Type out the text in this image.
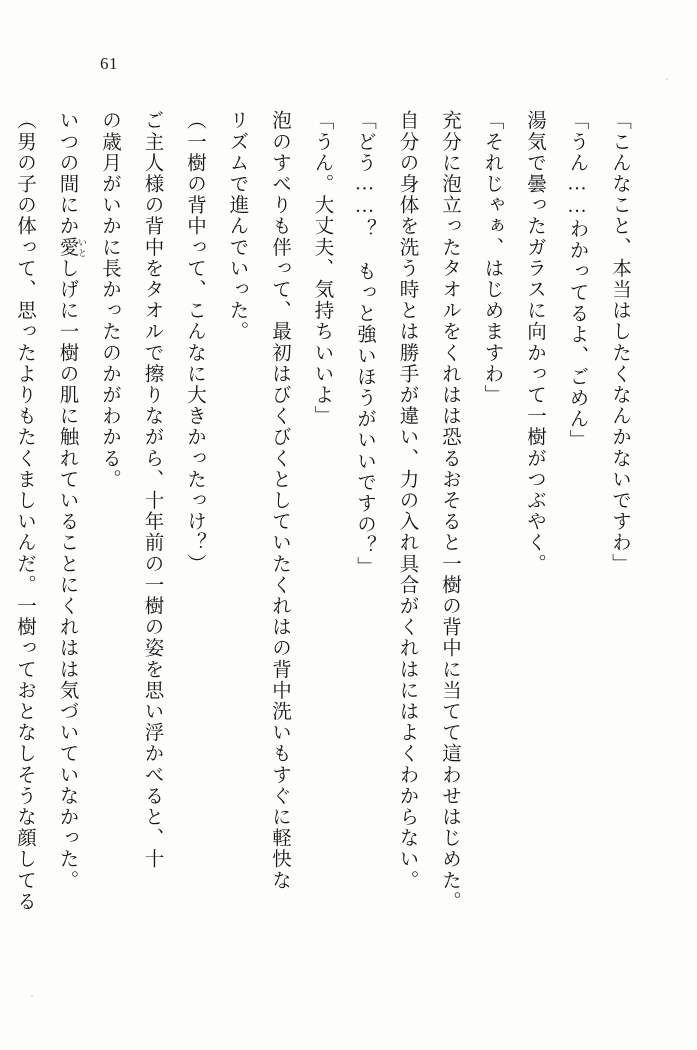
61

「こんなこと、本当はしたくなんかないですわ」

「うん……わかってるよ、ごめん」

湯気で曇ったガラスに向かって一樹がつぶやく。

「それじゃぁ、はじめますわ」

充分に泡立ったタオルをくれはは恐るおそると一樹の背中に当てて這わせはじめた。

自分の身体を洗う時とは勝手が違い、力の入れ具合がくれはにはよくわからない。

「どう……？　もっと強いほうがいいですの？」

「うん。大丈夫、気持ちいいよ」

泡のすべりも伴って、最初はびくびくとしていたくれはの背中洗いもすぐに軽快な

リズムで進んでいった。

（一樹の背中って、こんなに大きかったっけ？）

ご主人様の背中をタオルで擦りながら、十年前の一樹の姿を思い浮かべると、十

の歳月がいかに長かったのかがわかる。

いつの間にか愛 いとしげに一樹の肌に触れていることにくれはは気づいていなかった。

（男の子の体って、思ったよりもたくましいんだ。一樹っておとなしそうな顔してる
